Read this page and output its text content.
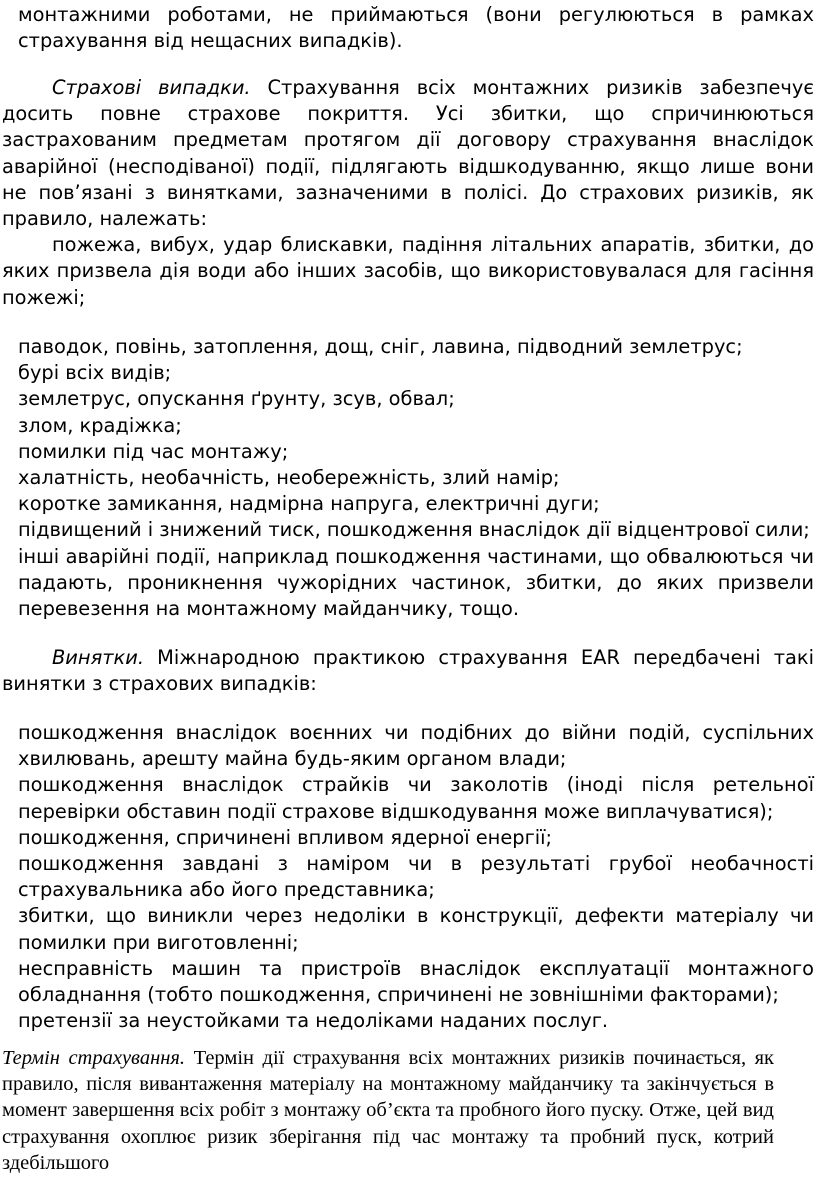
монтажними роботами, не приймаються (вони регулюються в рамках страхування від нещасних випадків).

Страхові випадки. Страхування всіх монтажних ризиків забезпечує досить повне страхове покриття. Усі збитки, що спричинюються застрахованим предметам протягом дії договору страхування внаслідок аварійної (несподіваної) події, підлягають відшкодуванню, якщо лише вони не пов’язані з винятками, зазначеними в полісі. До страхових ризиків, як правило, належать:

пожежа, вибух, удар блискавки, падіння літальних апаратів, збитки, до яких призвела дія води або інших засобів, що використовувалася для гасіння пожежі;

паводок, повінь, затоплення, дощ, сніг, лавина, підводний землетрус;
бурі всіх видів;
землетрус, опускання ґрунту, зсув, обвал;
злом, крадіжка;
помилки під час монтажу;
халатність, необачність, необережність, злий намір;
коротке замикання, надмірна напруга, електричні дуги;
підвищений і знижений тиск, пошкодження внаслідок дії відцентрової сили;
інші аварійні події, наприклад пошкодження частинами, що обвалюються чи падають, проникнення чужорідних частинок, збитки, до яких призвели перевезення на монтажному майданчику, тощо.

Винятки. Міжнародною практикою страхування EAR передбачені такі винятки з страхових випадків:

пошкодження внаслідок воєнних чи подібних до війни подій, суспільних хвилювань, арешту майна будь-яким органом влади;
пошкодження внаслідок страйків чи заколотів (іноді після ретельної перевірки обставин події страхове відшкодування може виплачуватися);
пошкодження, спричинені впливом ядерної енергії;
пошкодження завдані з наміром чи в результаті грубої необачності страхувальника або його представника;
збитки, що виникли через недоліки в конструкції, дефекти матеріалу чи помилки при виготовленні;
несправність машин та пристроїв внаслідок експлуатації монтажного обладнання (тобто пошкодження, спричинені не зовнішніми факторами);
претензії за неустойками та недоліками наданих послуг.

Термін страхування. Термін дії страхування всіх монтажних ризиків починається, як правило, після вивантаження матеріалу на монтажному майданчику та закінчується в момент завершення всіх робіт з монтажу об’єкта та пробного його пуску. Отже, цей вид страхування охоплює ризик зберігання під час монтажу та пробний пуск, котрий здебільшого
